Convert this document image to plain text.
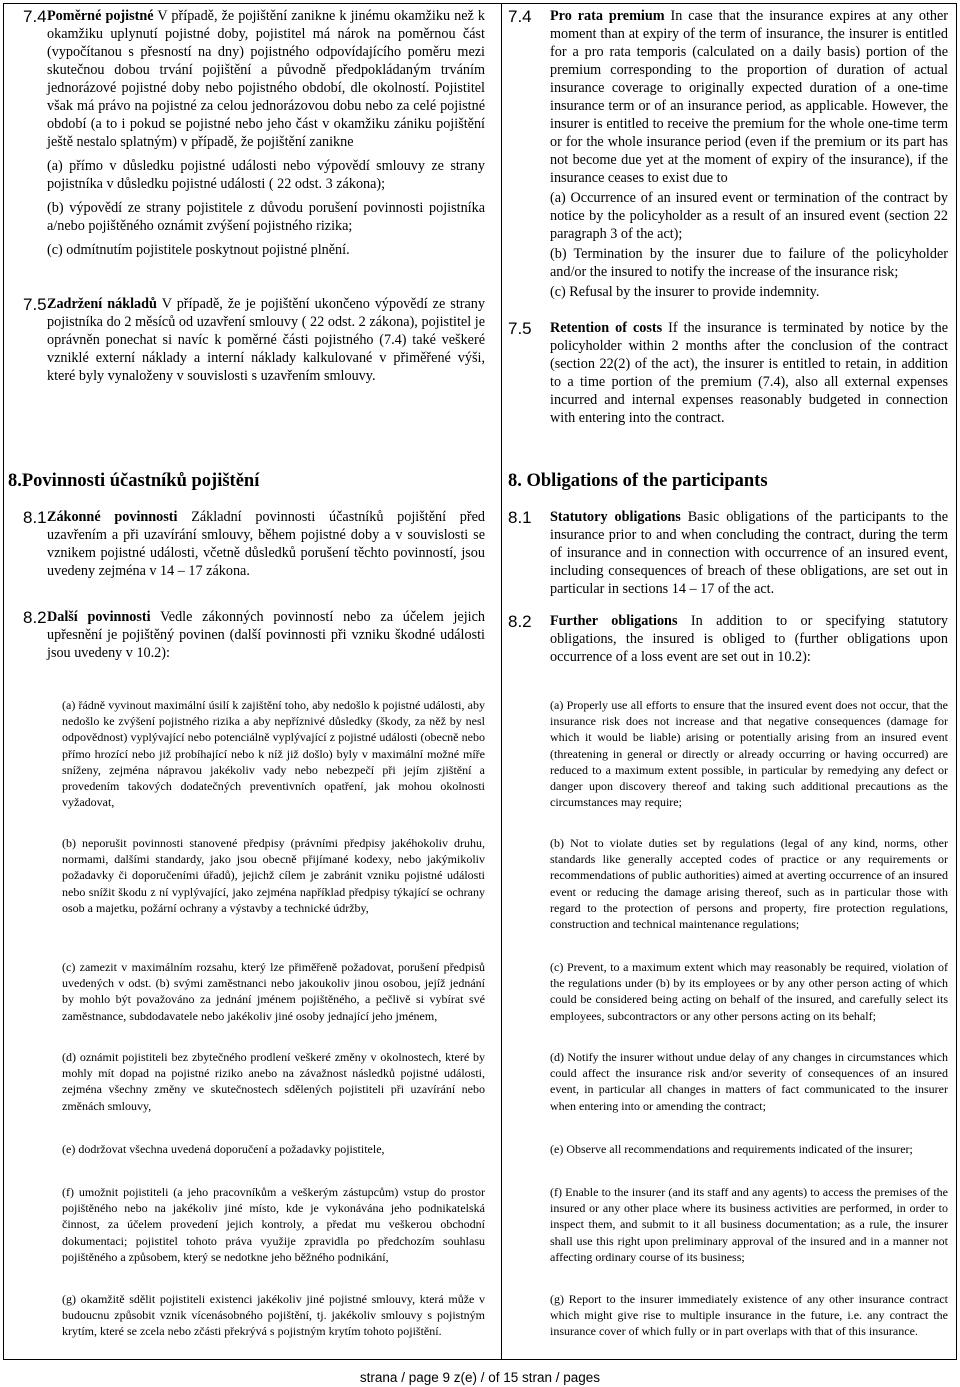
7.4 Poměrné pojistné V případě, že pojištění zanikne k jinému okamžiku než k okamžiku uplynutí pojistné doby, pojistitel má nárok na poměrnou část (vypočítanou s přesností na dny) pojistného odpovídajícího poměru mezi skutečnou dobou trvání pojištění a původně předpokládaným trváním jednorázové pojistné doby nebo pojistného období, dle okolností. Pojistitel však má právo na pojistné za celou jednorázovou dobu nebo za celé pojistné období (a to i pokud se pojistné nebo jeho část v okamžiku zániku pojištění ještě nestalo splatným) v případě, že pojištění zanikne

(a) přímo v důsledku pojistné události nebo výpovědí smlouvy ze strany pojistníka v důsledku pojistné události ( 22 odst. 3 zákona);

(b) výpovědí ze strany pojistitele z důvodu porušení povinnosti pojistníka a/nebo pojištěného oznámit zvýšení pojistného rizika;

(c) odmítnutím pojistitele poskytnout pojistné plnění.

7.5 Zadržení nákladů V případě, že je pojištění ukončeno výpovědí ze strany pojistníka do 2 měsíců od uzavření smlouvy ( 22 odst. 2 zákona), pojistitel je oprávněn ponechat si navíc k poměrné části pojistného (7.4) také veškeré vzniklé externí náklady a interní náklady kalkulované v přiměřené výši, které byly vynaloženy v souvislosti s uzavřením smlouvy.

8.Povinnosti účastníků pojištění
8.1 Zákonné povinnosti Základní povinnosti účastníků pojištění před uzavřením a při uzavírání smlouvy, během pojistné doby a v souvislosti se vznikem pojistné události, včetně důsledků porušení těchto povinností, jsou uvedeny zejména v 14 – 17 zákona.

8.2 Další povinnosti Vedle zákonných povinností nebo za účelem jejich upřesnění je pojištěný povinen (další povinnosti při vzniku škodné události jsou uvedeny v 10.2):

(a) řádně vyvinout maximální úsilí k zajištění toho, aby nedošlo k pojistné události, aby nedošlo ke zvýšení pojistného rizika a aby nepříznivé důsledky (škody, za něž by nesl odpovědnost) vyplývající nebo potenciálně vyplývající z pojistné události (obecně nebo přímo hrozící nebo již probíhající nebo k níž již došlo) byly v maximální možné míře sníženy, zejména nápravou jakékoliv vady nebo nebezpečí při jejím zjištění a provedením takových dodatečných preventivních opatření, jak mohou okolnosti vyžadovat,

(b) neporušit povinnosti stanovené předpisy (právními předpisy jakéhokoliv druhu, normami, dalšími standardy, jako jsou obecně přijímané kodexy, nebo jakýmikoliv požadavky či doporučeními úřadů), jejichž cílem je zabránit vzniku pojistné události nebo snížit škodu z ní vyplývající, jako zejména například předpisy týkající se ochrany osob a majetku, požární ochrany a výstavby a technické údržby,

(c) zamezit v maximálním rozsahu, který lze přiměřeně požadovat, porušení předpisů uvedených v odst. (b) svými zaměstnanci nebo jakoukoliv jinou osobou, jejíž jednání by mohlo být považováno za jednání jménem pojištěného, a pečlivě si vybírat své zaměstnance, subdodavatele nebo jakékoliv jiné osoby jednající jeho jménem,

(d) oznámit pojistiteli bez zbytečného prodlení veškeré změny v okolnostech, které by mohly mít dopad na pojistné riziko anebo na závažnost následků pojistné události, zejména všechny změny ve skutečnostech sdělených pojistiteli při uzavírání nebo změnách smlouvy,

(e) dodržovat všechna uvedená doporučení a požadavky pojistitele,

(f) umožnit pojistiteli (a jeho pracovníkům a veškerým zástupcům) vstup do prostor pojištěného nebo na jakékoliv jiné místo, kde je vykonávána jeho podnikatelská činnost, za účelem provedení jejich kontroly, a předat mu veškerou obchodní dokumentaci; pojistitel tohoto práva využije zpravidla po předchozím souhlasu pojištěného a způsobem, který se nedotkne jeho běžného podnikání,

(g) okamžitě sdělit pojistiteli existenci jakékoliv jiné pojistné smlouvy, která může v budoucnu způsobit vznik vícenásobného pojištění, tj. jakékoliv smlouvy s pojistným krytím, které se zcela nebo zčásti překrývá s pojistným krytím tohoto pojištění.

7.4	Pro rata premium In case that the insurance expires at any other moment than at expiry of the term of insurance, the insurer is entitled for a pro rata temporis (calculated on a daily basis) portion of the premium corresponding to the proportion of duration of actual insurance coverage to originally expected duration of a one-time insurance term or of an insurance period, as applicable. However, the insurer is entitled to receive the premium for the whole one-time term or for the whole insurance period (even if the premium or its part has not become due yet at the moment of expiry of the insurance), if the insurance ceases to exist due to

(a) Occurrence of an insured event or termination of the contract by notice by the policyholder as a result of an insured event (section 22 paragraph 3 of the act);

(b) Termination by the insurer due to failure of the policyholder and/or the insured to notify the increase of the insurance risk;

(c) Refusal by the insurer to provide indemnity.

7.5	Retention of costs If the insurance is terminated by notice by the policyholder within 2 months after the conclusion of the contract (section 22(2) of the act), the insurer is entitled to retain, in addition to a time portion of the premium (7.4), also all external expenses incurred and internal expenses reasonably budgeted in connection with entering into the contract.

8. Obligations of the participants
8.1	Statutory obligations Basic obligations of the participants to the insurance prior to and when concluding the contract, during the term of insurance and in connection with occurrence of an insured event, including consequences of breach of these obligations, are set out in particular in sections 14 – 17 of the act.

8.2	Further obligations In addition to or specifying statutory obligations, the insured is obliged to (further obligations upon occurrence of a loss event are set out in 10.2):

(a) Properly use all efforts to ensure that the insured event does not occur, that the insurance risk does not increase and that negative consequences (damage for which it would be liable) arising or potentially arising from an insured event (threatening in general or directly or already occurring or having occurred) are reduced to a maximum extent possible, in particular by remedying any defect or danger upon discovery thereof and taking such additional precautions as the circumstances may require;

(b) Not to violate duties set by regulations (legal of any kind, norms, other standards like generally accepted codes of practice or any requirements or recommendations of public authorities) aimed at averting occurrence of an insured event or reducing the damage arising thereof, such as in particular those with regard to the protection of persons and property, fire protection regulations, construction and technical maintenance regulations;

(c) Prevent, to a maximum extent which may reasonably be required, violation of the regulations under (b) by its employees or by any other person acting of which could be considered being acting on behalf of the insured, and carefully select its employees, subcontractors or any other persons acting on its behalf;

(d) Notify the insurer without undue delay of any changes in circumstances which could affect the insurance risk and/or severity of consequences of an insured event, in particular all changes in matters of fact communicated to the insurer when entering into or amending the contract;

(e) Observe all recommendations and requirements indicated of the insurer;

(f) Enable to the insurer (and its staff and any agents) to access the premises of the insured or any other place where its business activities are performed, in order to inspect them, and submit to it all business documentation; as a rule, the insurer shall use this right upon preliminary approval of the insured and in a manner not affecting ordinary course of its business;

(g) Report to the insurer immediately existence of any other insurance contract which might give rise to multiple insurance in the future, i.e. any contract the insurance cover of which fully or in part overlaps with that of this insurance.

strana / page 9 z(e) / of 15 stran / pages
